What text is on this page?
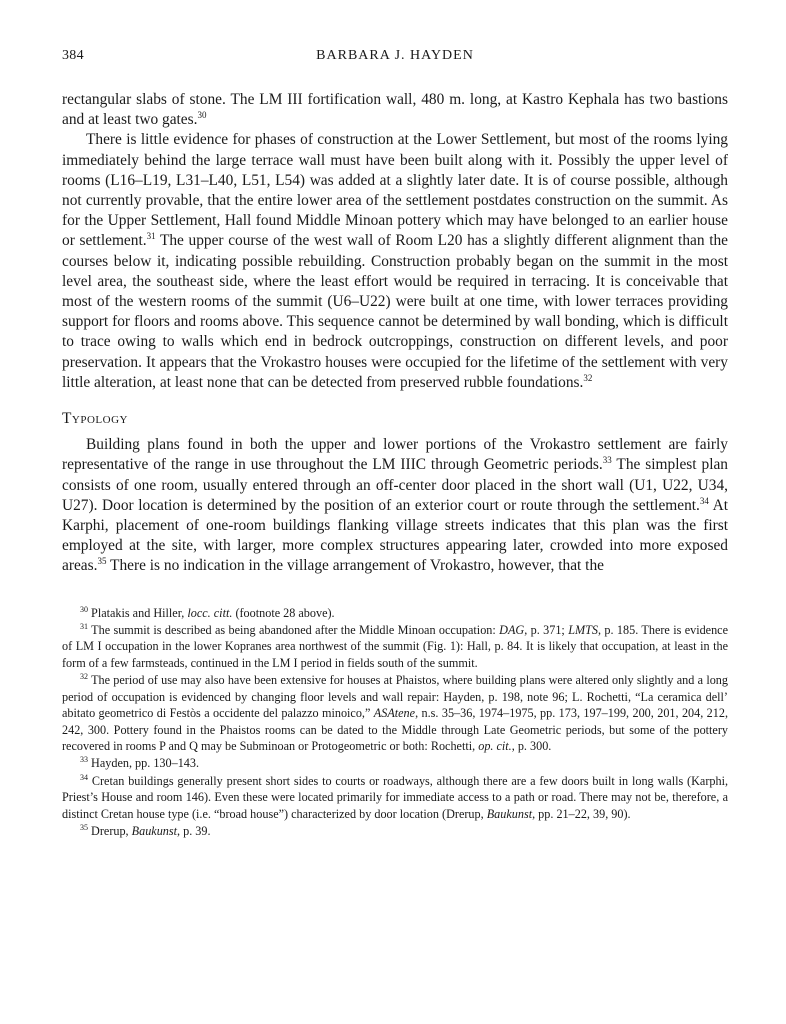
384	BARBARA J. HAYDEN

rectangular slabs of stone. The LM III fortification wall, 480 m. long, at Kastro Kephala has two bastions and at least two gates.$^{30}$

There is little evidence for phases of construction at the Lower Settlement, but most of the rooms lying immediately behind the large terrace wall must have been built along with it. Possibly the upper level of rooms (L16–L19, L31–L40, L51, L54) was added at a slightly later date. It is of course possible, although not currently provable, that the entire lower area of the settlement postdates construction on the summit. As for the Upper Settlement, Hall found Middle Minoan pottery which may have belonged to an earlier house or settlement.$^{31}$ The upper course of the west wall of Room L20 has a slightly different alignment than the courses below it, indicating possible rebuilding. Construction probably began on the summit in the most level area, the southeast side, where the least effort would be required in terracing. It is conceivable that most of the western rooms of the summit (U6–U22) were built at one time, with lower terraces providing support for floors and rooms above. This sequence cannot be determined by wall bonding, which is difficult to trace owing to walls which end in bedrock outcroppings, construction on different levels, and poor preservation. It appears that the Vrokastro houses were occupied for the lifetime of the settlement with very little alteration, at least none that can be detected from preserved rubble foundations.$^{32}$

Typology

Building plans found in both the upper and lower portions of the Vrokastro settlement are fairly representative of the range in use throughout the LM IIIC through Geometric periods.$^{33}$ The simplest plan consists of one room, usually entered through an off-center door placed in the short wall (U1, U22, U34, U27). Door location is determined by the position of an exterior court or route through the settlement.$^{34}$ At Karphi, placement of one-room buildings flanking village streets indicates that this plan was the first employed at the site, with larger, more complex structures appearing later, crowded into more exposed areas.$^{35}$ There is no indication in the village arrangement of Vrokastro, however, that the

$^{30}$ Platakis and Hiller, locc. citt. (footnote 28 above).

$^{31}$ The summit is described as being abandoned after the Middle Minoan occupation: DAG, p. 371; LMTS, p. 185. There is evidence of LM I occupation in the lower Kopranes area northwest of the summit (Fig. 1): Hall, p. 84. It is likely that occupation, at least in the form of a few farmsteads, continued in the LM I period in fields south of the summit.

$^{32}$ The period of use may also have been extensive for houses at Phaistos, where building plans were altered only slightly and a long period of occupation is evidenced by changing floor levels and wall repair: Hayden, p. 198, note 96; L. Rochetti, “La ceramica dell’ abitato geometrico di Festòs a occidente del palazzo minoico,” ASAtene, n.s. 35–36, 1974–1975, pp. 173, 197–199, 200, 201, 204, 212, 242, 300. Pottery found in the Phaistos rooms can be dated to the Middle through Late Geometric periods, but some of the pottery recovered in rooms P and Q may be Subminoan or Protogeometric or both: Rochetti, op. cit., p. 300.

$^{33}$ Hayden, pp. 130–143.

$^{34}$ Cretan buildings generally present short sides to courts or roadways, although there are a few doors built in long walls (Karphi, Priest’s House and room 146). Even these were located primarily for immediate access to a path or road. There may not be, therefore, a distinct Cretan house type (i.e. “broad house”) characterized by door location (Drerup, Baukunst, pp. 21–22, 39, 90).

$^{35}$ Drerup, Baukunst, p. 39.
